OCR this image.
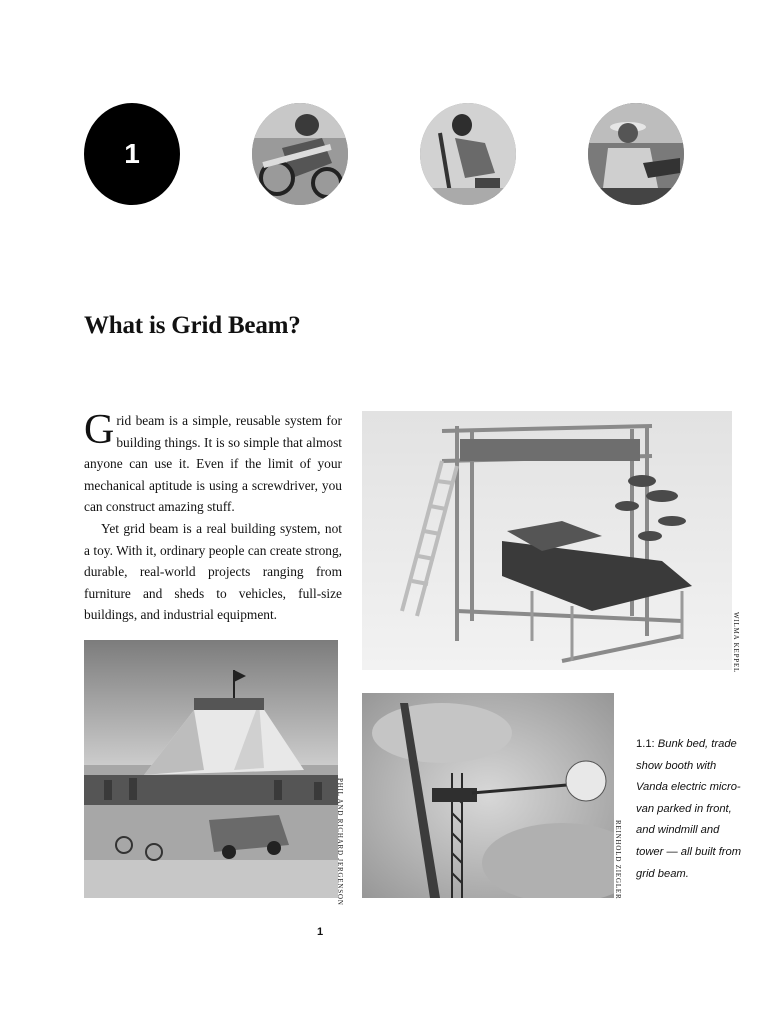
1
What is Grid Beam?

Grid beam is a simple, reusable system for building things. It is so simple that almost anyone can use it. Even if the limit of your mechanical aptitude is using a screwdriver, you can construct amazing stuff.

Yet grid beam is a real building system, not a toy. With it, ordinary people can create strong, durable, real-world projects ranging from furniture and sheds to vehicles, full-size buildings, and industrial equipment.	WILMA KEPPEL
PHIL AND RICHARD JERGENSON	REINHOLD ZIEGLER
1.1: Bunk bed, trade show booth with Vanda electric micro-van parked in front, and windmill and tower — all built from grid beam.
1
